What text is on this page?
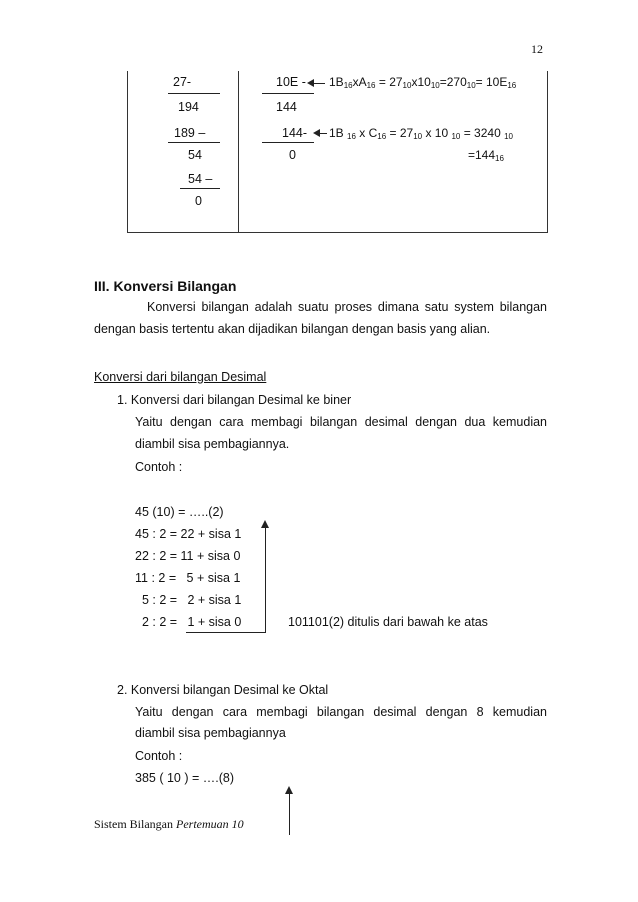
12
27-
194
189 –
54
54 –
0
10E -
144
144-
0
$1B_{16}xA_{16} = 27_{10}x10_{10}=270_{10}= 10E_{16}$
1B $_{16}$ x $C_{16} = 27_{10}$ x 10 $_{10}$ = 3240 $_{10}$
$=144_{16}$
III. Konversi Bilangan
Konversi bilangan adalah suatu proses dimana satu system bilangan
dengan basis tertentu akan dijadikan bilangan dengan basis yang alian.
Konversi dari bilangan Desimal
1. Konversi dari bilangan Desimal ke biner
Yaitu dengan cara membagi bilangan desimal dengan dua kemudian
diambil sisa pembagiannya.
Contoh :
45 (10) = …..(2)
45 : 2 = 22 + sisa 1
22 : 2 = 11 + sisa 0
11 : 2 =   5 + sisa 1
5 : 2 =   2 + sisa 1
2 : 2 =   1 + sisa 0	101101(2) ditulis dari bawah ke atas
2. Konversi bilangan Desimal ke Oktal
Yaitu dengan cara membagi bilangan desimal dengan 8 kemudian
diambil sisa pembagiannya
Contoh :
385 ( 10 ) = ….(8)
Sistem Bilangan Pertemuan 10
